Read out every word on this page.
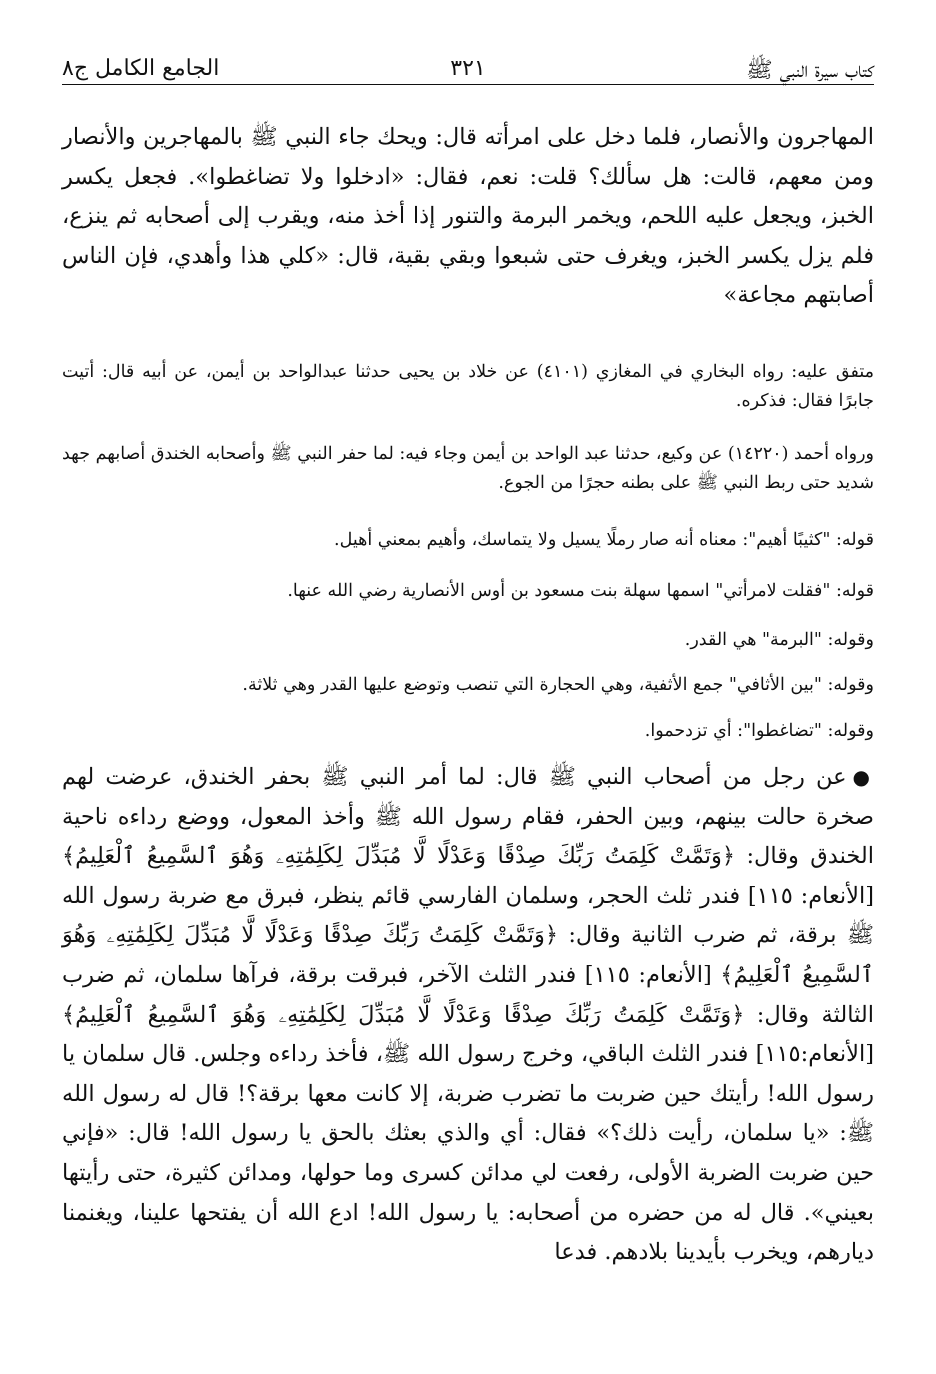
كتاب سيرة النبي ﷺ
٣٢١
الجامع الكامل ج٨

المهاجرون والأنصار، فلما دخل على امرأته قال: ويحك جاء النبي ﷺ بالمهاجرين والأنصار ومن معهم، قالت: هل سألك؟ قلت: نعم، فقال: «ادخلوا ولا تضاغطوا». فجعل يكسر الخبز، ويجعل عليه اللحم، ويخمر البرمة والتنور إذا أخذ منه، ويقرب إلى أصحابه ثم ينزع، فلم يزل يكسر الخبز، ويغرف حتى شبعوا وبقي بقية، قال: «كلي هذا وأهدي، فإن الناس أصابتهم مجاعة»

متفق عليه: رواه البخاري في المغازي (٤١٠١) عن خلاد بن يحيى حدثنا عبدالواحد بن أيمن، عن أبيه قال: أتيت جابرًا فقال: فذكره.

ورواه أحمد (١٤٢٢٠) عن وكيع، حدثنا عبد الواحد بن أيمن وجاء فيه: لما حفر النبي ﷺ وأصحابه الخندق أصابهم جهد شديد حتى ربط النبي ﷺ على بطنه حجرًا من الجوع.

قوله: "كثيبًا أهيم": معناه أنه صار رملًا يسيل ولا يتماسك، وأهيم بمعني أهيل.

قوله: "فقلت لامرأتي" اسمها سهلة بنت مسعود بن أوس الأنصارية رضي الله عنها.

وقوله: "البرمة" هي القدر.

وقوله: "بين الأثافي" جمع الأثفية، وهي الحجارة التي تنصب وتوضع عليها القدر وهي ثلاثة.

وقوله: "تضاغطوا": أي تزدحموا.

●عن رجل من أصحاب النبي ﷺ قال: لما أمر النبي ﷺ بحفر الخندق، عرضت لهم صخرة حالت بينهم، وبين الحفر، فقام رسول الله ﷺ وأخذ المعول، ووضع رداءه ناحية الخندق وقال: ﴿وَتَمَّتْ كَلِمَتُ رَبِّكَ صِدْقًا وَعَدْلًا لَّا مُبَدِّلَ لِكَلِمَٰتِهِۦ وَهُوَ ٱلسَّمِيعُ ٱلْعَلِيمُ﴾ [الأنعام: ١١٥] فندر ثلث الحجر، وسلمان الفارسي قائم ينظر، فبرق مع ضربة رسول الله ﷺ برقة، ثم ضرب الثانية وقال: ﴿وَتَمَّتْ كَلِمَتُ رَبِّكَ صِدْقًا وَعَدْلًا لَّا مُبَدِّلَ لِكَلِمَٰتِهِۦ وَهُوَ ٱلسَّمِيعُ ٱلْعَلِيمُ﴾ [الأنعام: ١١٥] فندر الثلث الآخر، فبرقت برقة، فرآها سلمان، ثم ضرب الثالثة وقال: ﴿وَتَمَّتْ كَلِمَتُ رَبِّكَ صِدْقًا وَعَدْلًا لَّا مُبَدِّلَ لِكَلِمَٰتِهِۦ وَهُوَ ٱلسَّمِيعُ ٱلْعَلِيمُ﴾ [الأنعام:١١٥] فندر الثلث الباقي، وخرج رسول الله ﷺ، فأخذ رداءه وجلس. قال سلمان يا رسول الله! رأيتك حين ضربت ما تضرب ضربة، إلا كانت معها برقة؟! قال له رسول الله ﷺ: «يا سلمان، رأيت ذلك؟» فقال: أي والذي بعثك بالحق يا رسول الله! قال: «فإني حين ضربت الضربة الأولى، رفعت لي مدائن كسرى وما حولها، ومدائن كثيرة، حتى رأيتها بعيني». قال له من حضره من أصحابه: يا رسول الله! ادع الله أن يفتحها علينا، ويغنمنا ديارهم، ويخرب بأيدينا بلادهم. فدعا
